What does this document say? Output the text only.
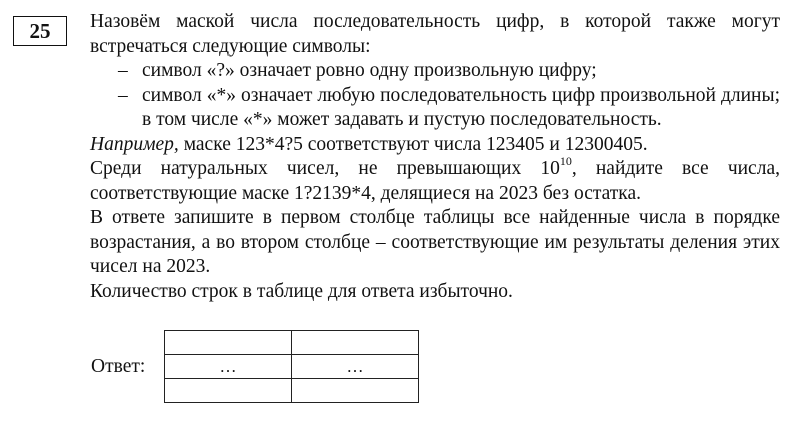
25 Назовём маской числа последовательность цифр, в которой также могут встречаться следующие символы:

– символ «?» означает ровно одну произвольную цифру;
– символ «*» означает любую последовательность цифр произвольной длины; в том числе «*» может задавать и пустую последовательность.

Например, маске 123*4?5 соответствуют числа 123405 и 12300405.

Среди натуральных чисел, не превышающих $10^{10}$, найдите все числа, соответствующие маске 1?2139*4, делящиеся на 2023 без остатка.

В ответе запишите в первом столбце таблицы все найденные числа в порядке возрастания, а во втором столбце – соответствующие им результаты деления этих чисел на 2023.

Количество строк в таблице для ответа избыточно.

Ответ:
		…	…
